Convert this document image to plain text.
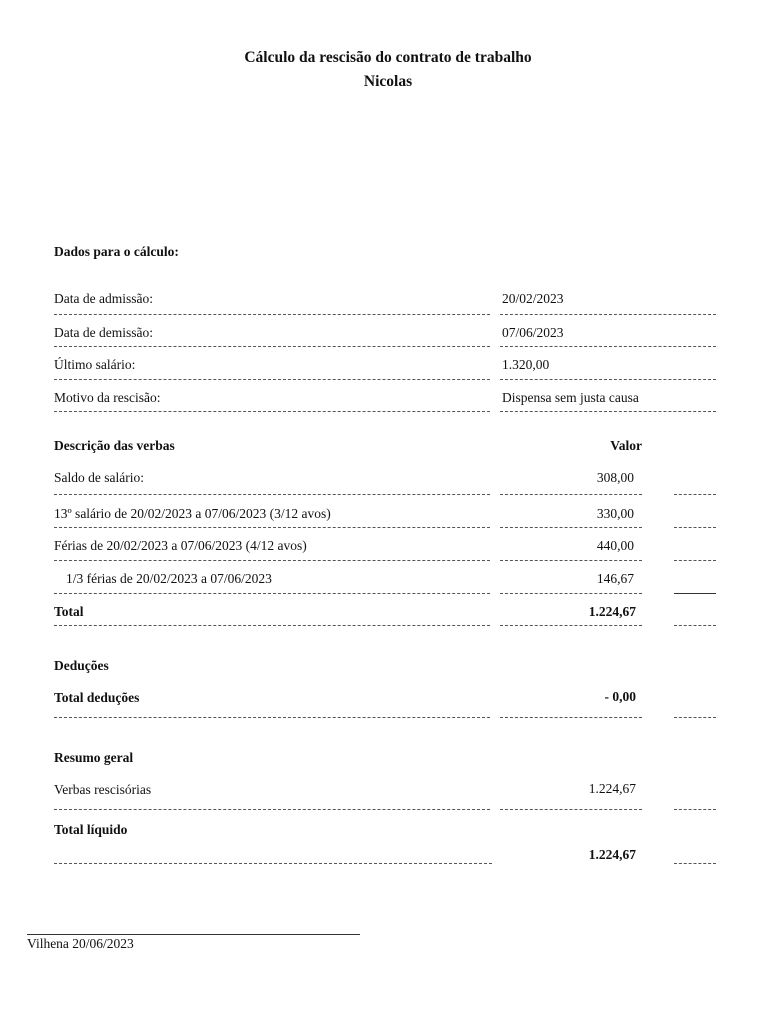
Cálculo da rescisão do contrato de trabalho
Nicolas
Dados para o cálculo:
Data de admissão:	20/02/2023
Data de demissão:	07/06/2023
Último salário:	1.320,00
Motivo da rescisão:	Dispensa sem justa causa
Descrição das verbas	Valor
Saldo de salário:	308,00
13º salário de 20/02/2023 a 07/06/2023 (3/12 avos)	330,00
Férias de 20/02/2023 a 07/06/2023 (4/12 avos)	440,00
1/3 férias de 20/02/2023 a 07/06/2023	146,67
Total	1.224,67
Deduções
Total deduções	- 0,00
Resumo geral
Verbas rescisórias	1.224,67
Total líquido
1.224,67
Vilhena 20/06/2023
